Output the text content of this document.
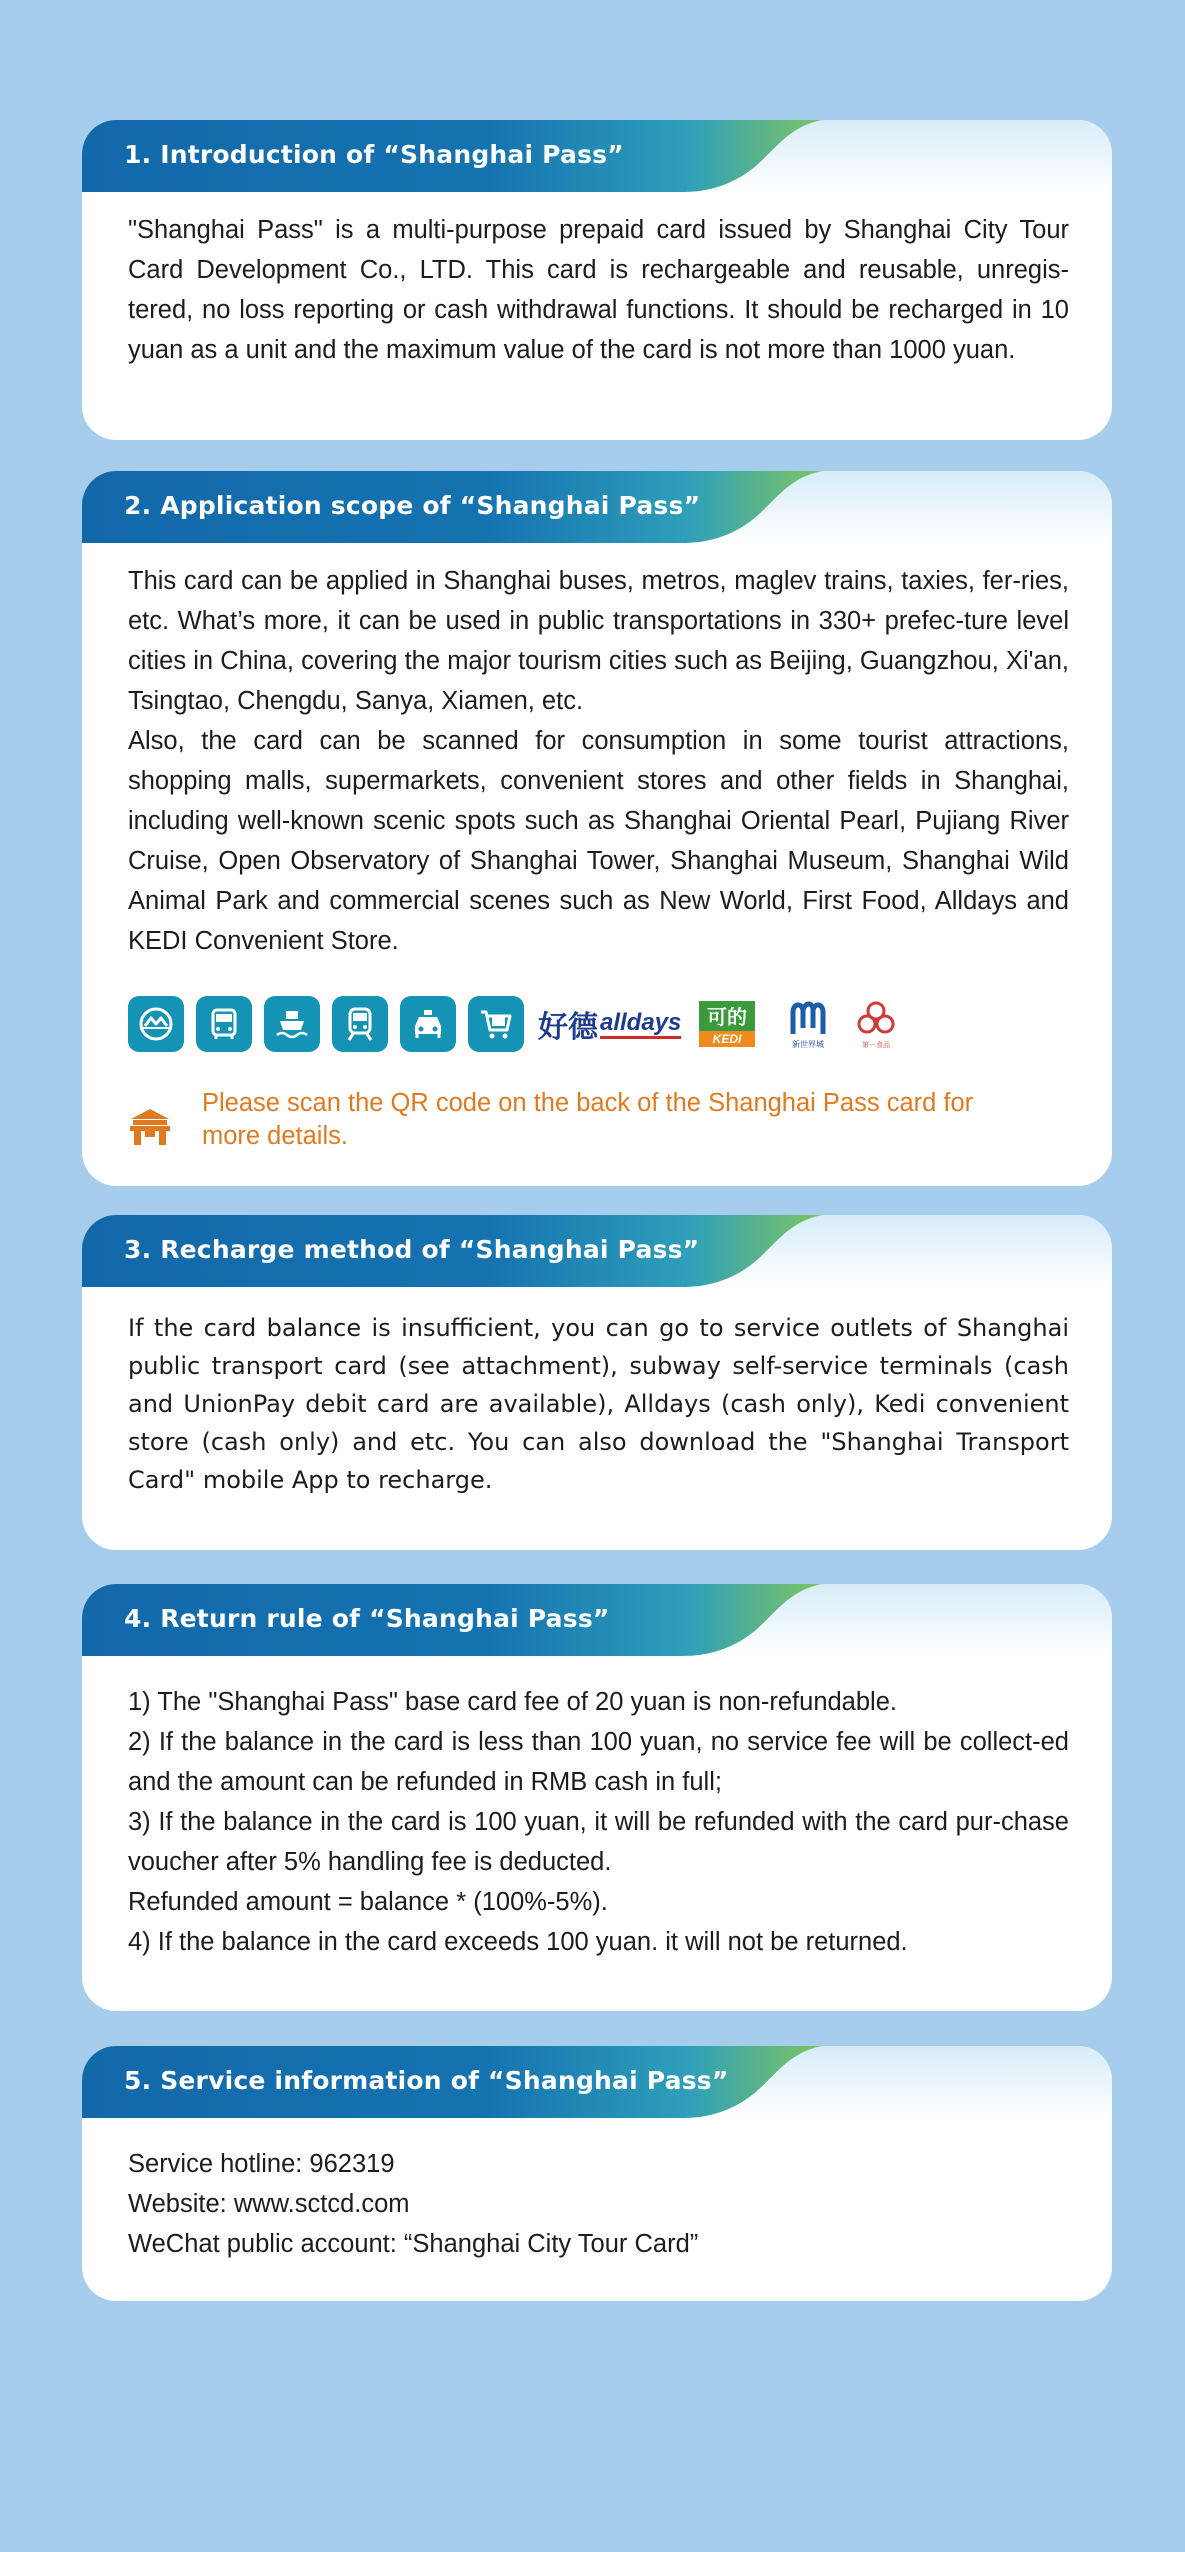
1. Introduction of “Shanghai Pass”

"Shanghai Pass" is a multi-purpose prepaid card issued by Shanghai City Tour Card Development Co., LTD. This card is rechargeable and reusable, unregis-tered, no loss reporting or cash withdrawal functions. It should be recharged in 10 yuan as a unit and the maximum value of the card is not more than 1000 yuan.

2. Application scope of “Shanghai Pass”

This card can be applied in Shanghai buses, metros, maglev trains, taxies, fer-ries, etc. What’s more, it can be used in public transportations in 330+ prefec-ture level cities in China, covering the major tourism cities such as Beijing, Guangzhou, Xi'an, Tsingtao, Chengdu, Sanya, Xiamen, etc.

Also, the card can be scanned for consumption in some tourist attractions, shopping malls, supermarkets, convenient stores and other fields in Shanghai, including well-known scenic spots such as Shanghai Oriental Pearl, Pujiang River Cruise, Open Observatory of Shanghai Tower, Shanghai Museum, Shanghai Wild Animal Park and commercial scenes such as New World, First Food, Alldays and KEDI Convenient Store.

好德 alldays 可的
KEDI	新世界城	第一食品
Please scan the QR code on the back of the Shanghai Pass card for more details.
3. Recharge method of “Shanghai Pass”

If the card balance is insufficient, you can go to service outlets of Shanghai public transport card (see attachment), subway self-service terminals (cash and UnionPay debit card are available), Alldays (cash only), Kedi convenient store (cash only) and etc. You can also download the "Shanghai Transport Card" mobile App to recharge.

4. Return rule of “Shanghai Pass”

1) The "Shanghai Pass" base card fee of 20 yuan is non-refundable.

2) If the balance in the card is less than 100 yuan, no service fee will be collect-ed and the amount can be refunded in RMB cash in full;

3) If the balance in the card is 100 yuan, it will be refunded with the card pur-chase voucher after 5% handling fee is deducted.

Refunded amount = balance * (100%-5%).

4) If the balance in the card exceeds 100 yuan. it will not be returned.

5. Service information of “Shanghai Pass”

Service hotline: 962319

Website: www.sctcd.com

WeChat public account: “Shanghai City Tour Card”
